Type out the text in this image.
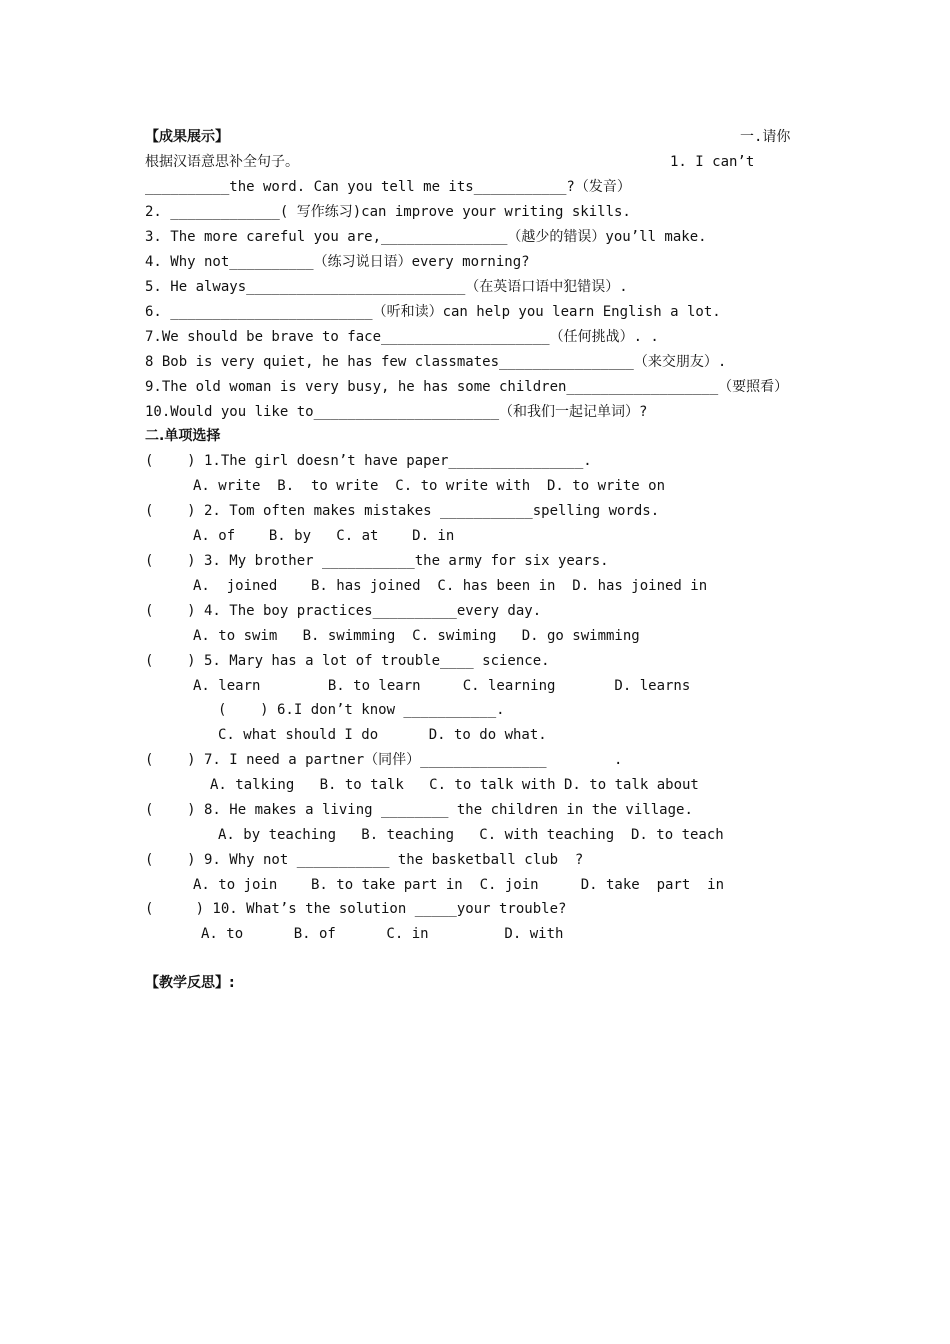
【成果展示】	一.请你
根据汉语意思补全句子。	1. I can’t
__________the word. Can you tell me its___________?（发音）
2. _____________( 写作练习)can improve your writing skills.
3. The more careful you are,_______________（越少的错误）you’ll make.
4. Why not__________（练习说日语）every morning?
5. He always__________________________（在英语口语中犯错误）.
6. ________________________（听和读）can help you learn English a lot.
7.We should be brave to face____________________（任何挑战）. .
8 Bob is very quiet, he has few classmates________________（来交朋友）.
9.The old woman is very busy, he has some children__________________（要照看）
10.Would you like to______________________（和我们一起记单词）?
二.单项选择
(    ) 1.The girl doesn’t have paper________________.
A. write  B.  to write  C. to write with  D. to write on
(    ) 2. Tom often makes mistakes ___________spelling words.
A. of    B. by   C. at    D. in
(    ) 3. My brother ___________the army for six years.
A.  joined    B. has joined  C. has been in  D. has joined in
(    ) 4. The boy practices__________every day.
A. to swim   B. swimming  C. swiming   D. go swimming
(    ) 5. Mary has a lot of trouble____ science.
A. learn        B. to learn     C. learning       D. learns
(    ) 6.I don’t know ___________.
C. what should I do      D. to do what.
(    ) 7. I need a partner（同伴）_______________        .
A. talking   B. to talk   C. to talk with D. to talk about
(    ) 8. He makes a living ________ the children in the village.
A. by teaching   B. teaching   C. with teaching  D. to teach
(    ) 9. Why not ___________ the basketball club  ?
A. to join    B. to take part in  C. join     D. take  part  in
(     ) 10. What’s the solution _____your trouble?
A. to      B. of      C. in         D. with
【教学反思】:
